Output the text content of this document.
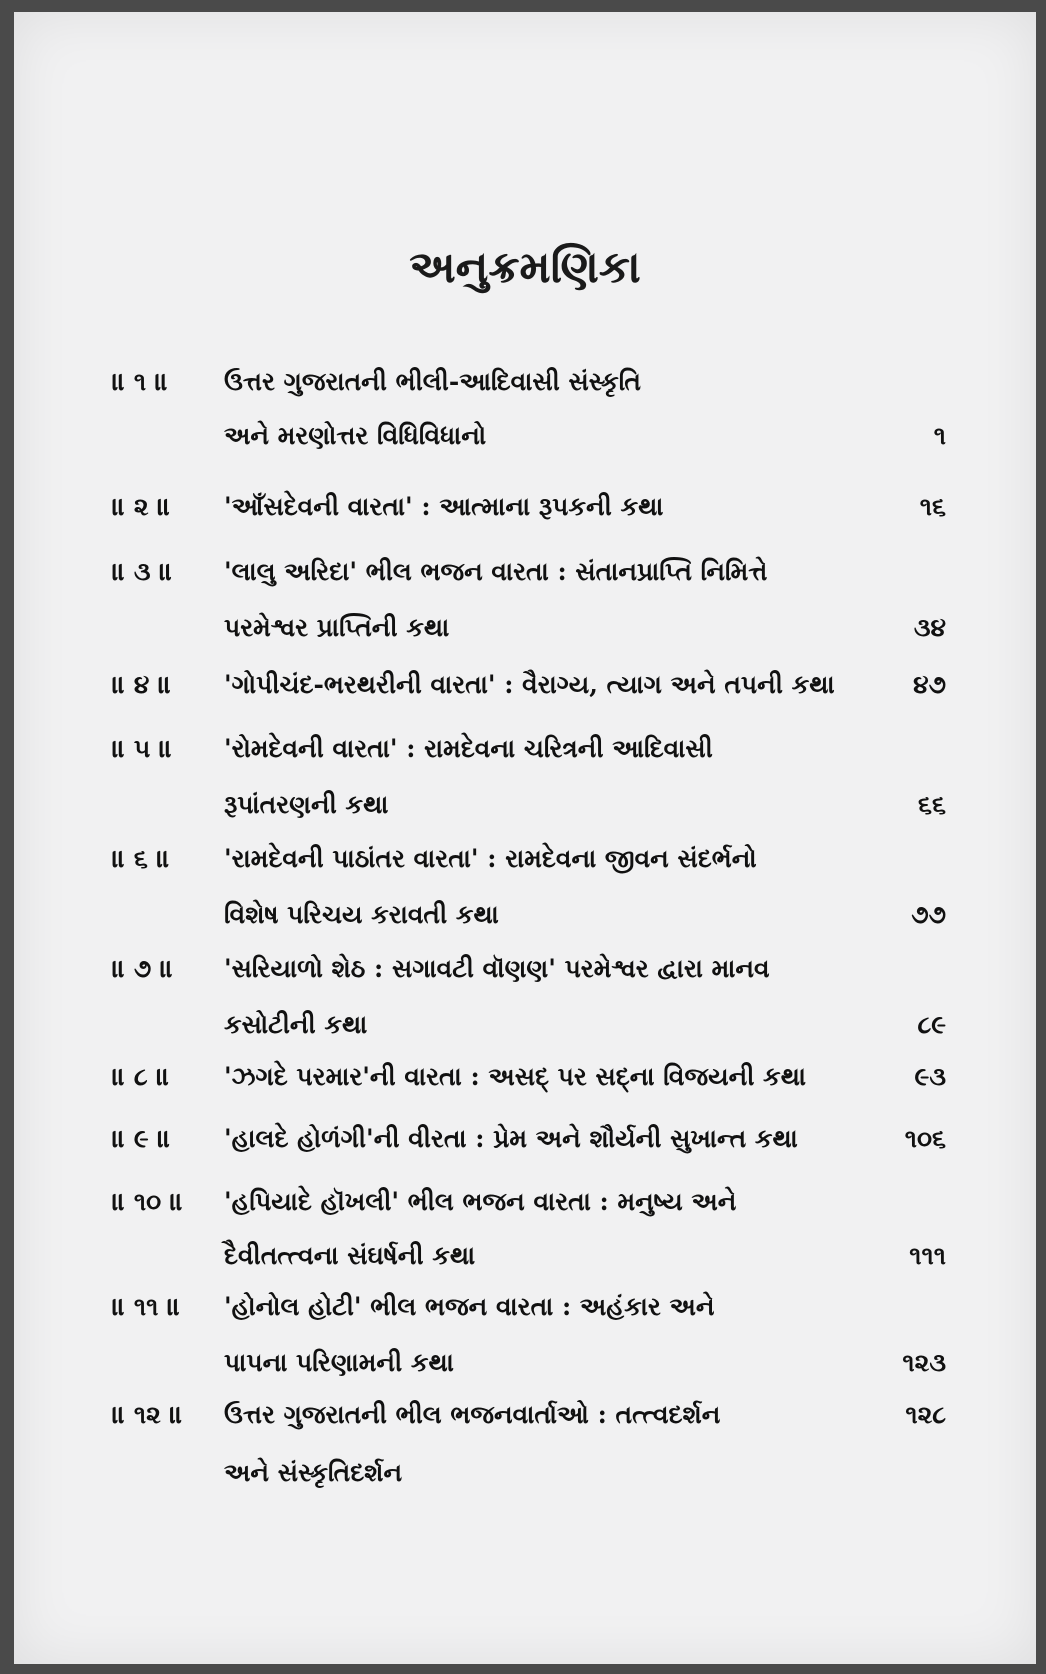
અનુક્રમણિકા
॥ ૧ ॥ ઉત્તર ગુજરાતની ભીલી-આદિવાસી સંસ્કૃતિ
અને મરણોત્તર વિધિવિધાનો	૧
॥ ૨ ॥ 'આઁસદેવની વારતા' : આત્માના રૂપકની કથા	૧૬
॥ ૩ ॥ 'લાલુ અરિદા' ભીલ ભજન વારતા : સંતાનપ્રાપ્તિ નિમિત્તે
પરમેશ્વર પ્રાપ્તિની કથા	૩૪
॥ ૪ ॥ 'ગોપીચંદ-ભરથરીની વારતા' : વૈરાગ્ય, ત્યાગ અને તપની કથા	૪૭
॥ ૫ ॥ 'રોમદેવની વારતા' : રામદેવના ચરિત્રની આદિવાસી
રૂપાંતરણની કથા	૬૬
॥ ૬ ॥ 'રામદેવની પાઠાંતર વારતા' : રામદેવના જીવન સંદર્ભનો
વિશેષ પરિચય કરાવતી કથા	૭૭
॥ ૭ ॥ 'સરિયાળો શેઠ : સગાવટી વૉણણ' પરમેશ્વર દ્વારા માનવ
કસોટીની કથા	૮૯
॥ ૮ ॥ 'ઝગદે પરમાર'ની વારતા : અસદ્ પર સદ્‌ના વિજયની કથા	૯૩
॥ ૯ ॥ 'હાલદે હોળંગી'ની વીરતા : પ્રેમ અને શૌર્યની સુખાન્ત કથા	૧૦૬
॥ ૧૦ ॥ 'હપિયાદે હૉખલી' ભીલ ભજન વારતા : મનુષ્ય અને
દૈવીતત્ત્વના સંઘર્ષની કથા	૧૧૧
॥ ૧૧ ॥ 'હોનોલ હોટી' ભીલ ભજન વારતા : અહંકાર અને
પાપના પરિણામની કથા	૧૨૩
॥ ૧૨ ॥ ઉત્તર ગુજરાતની ભીલ ભજનવાર્તાઓ : તત્ત્વદર્શન
અને સંસ્કૃતિદર્શન
૧૨૮
